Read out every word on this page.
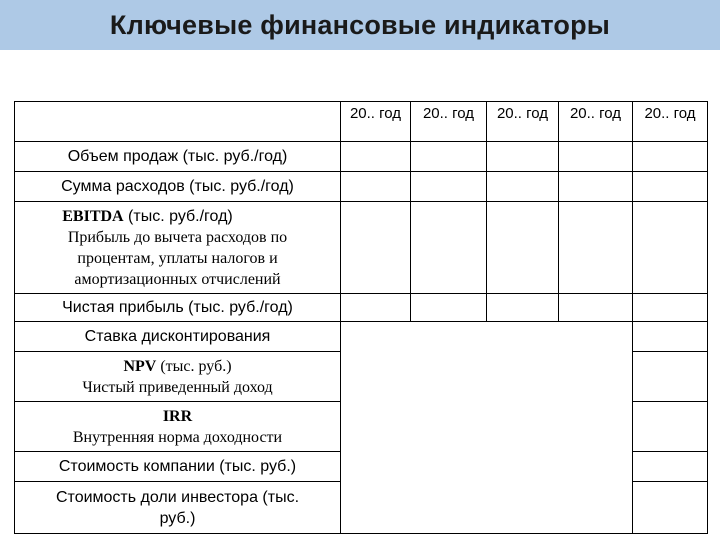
Ключевые финансовые индикаторы
20.. год 20.. год 20.. год 20.. год 20.. год
Объем продаж (тыс. руб./год)
Сумма расходов (тыс. руб./год)
EBITDA (тыс. руб./год)
Прибыль до вычета расходов по
процентам, уплаты налогов и
амортизационных отчислений
Чистая прибыль (тыс. руб./год)
Ставка дисконтирования
NPV (тыс. руб.)
Чистый приведенный доход
IRR
Внутренняя норма доходности
Стоимость компании (тыс. руб.)
Стоимость доли инвестора (тыс.
руб.)
